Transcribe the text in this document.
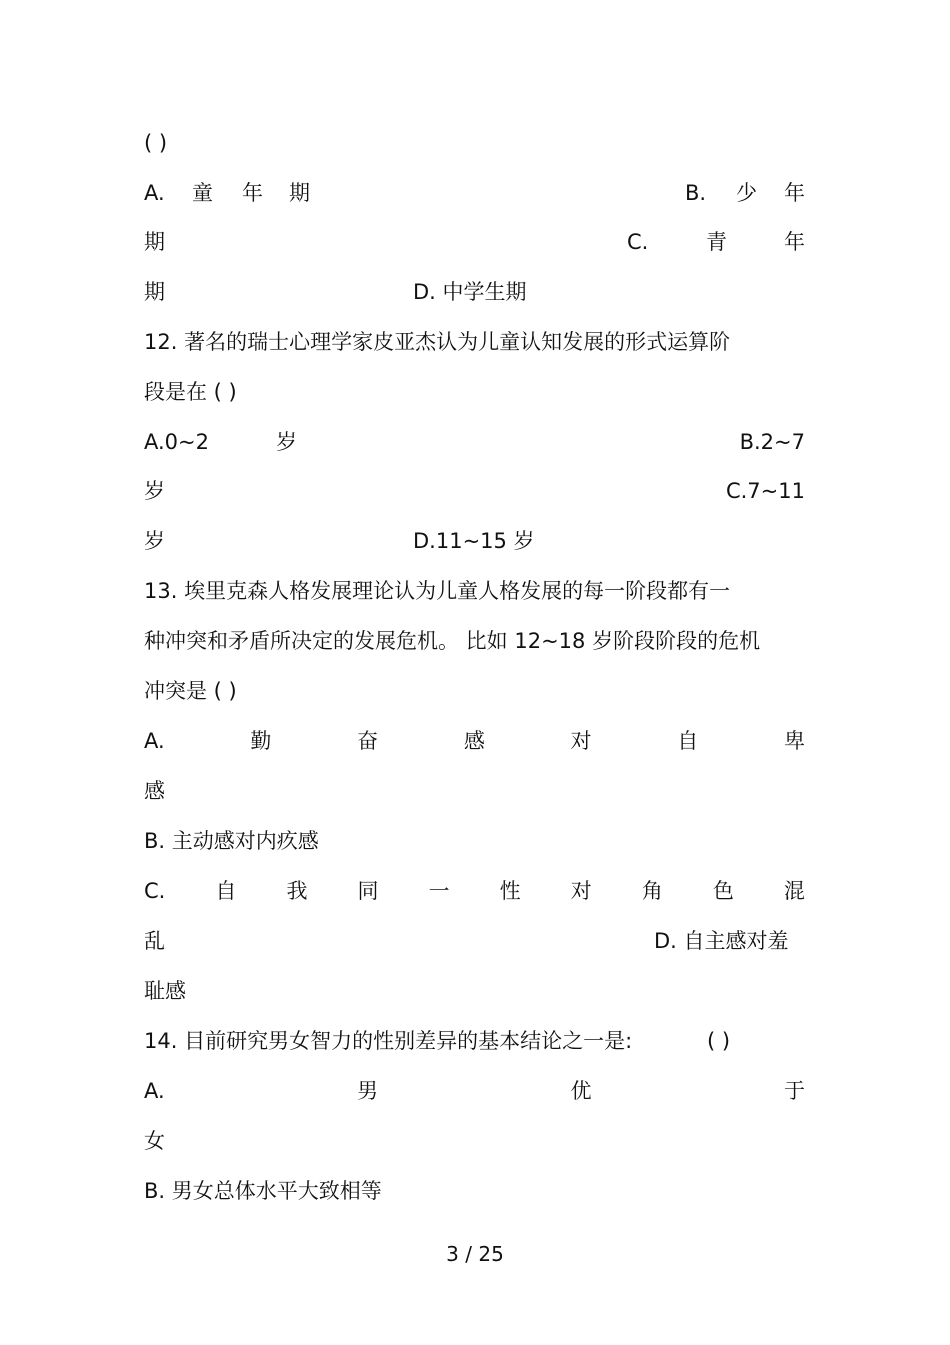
( )
A. 童 年 期	B. 少 年
期	C.	青	年
期	D. 中学生期
12. 著名的瑞士心理学家皮亚杰认为儿童认知发展的形式运算阶
段是在 ( )
A.0~2	岁	B.2~7
岁	C.7~11
岁	D.11~15 岁
13. 埃里克森人格发展理论认为儿童人格发展的每一阶段都有一
种冲突和矛盾所决定的发展危机。 比如 12~18 岁阶段阶段的危机
冲突是 ( )
A.	勤	奋	感	对	自	卑
感
B. 主动感对内疚感
C. 自 我 同 一 性 对 角 色 混
乱	D. 自主感对羞
耻感
14. 目前研究男女智力的性别差异的基本结论之一是:	( )
A.	男	优	于
女
B. 男女总体水平大致相等
3 / 25
